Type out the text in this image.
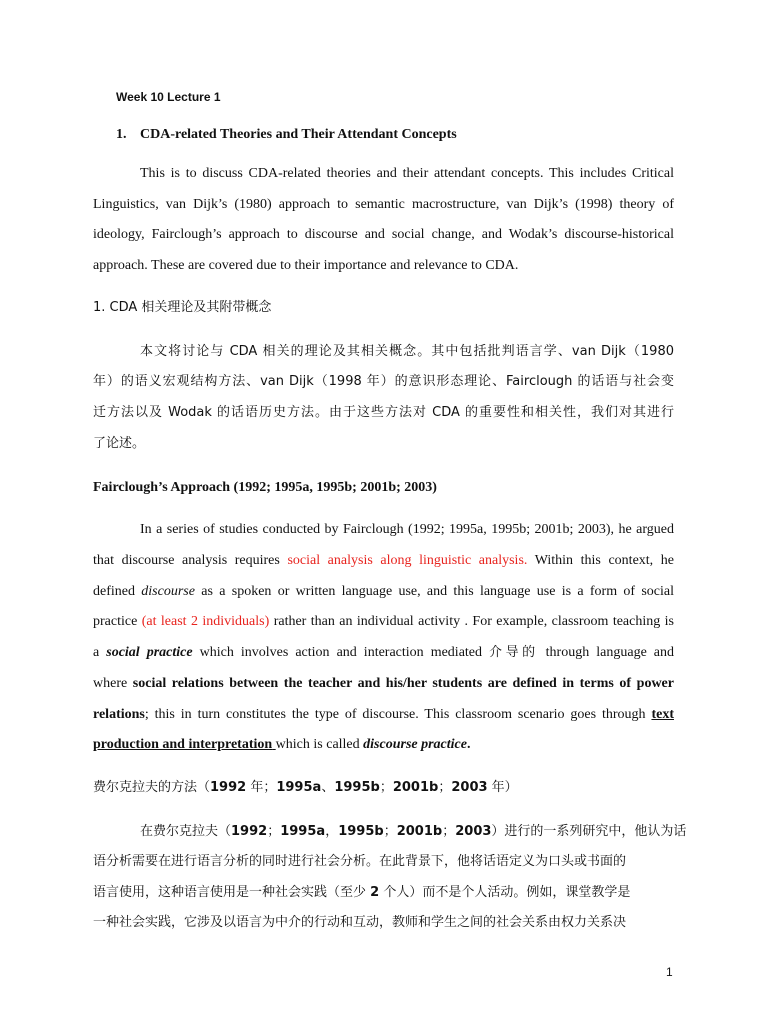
Week 10 Lecture 1
1. CDA-related Theories and Their Attendant Concepts
This is to discuss CDA-related theories and their attendant concepts. This includes Critical
Linguistics, van Dijk’s (1980) approach to semantic macrostructure, van Dijk’s (1998) theory of
ideology, Fairclough’s approach to discourse and social change, and Wodak’s discourse-historical
approach. These are covered due to their importance and relevance to CDA.
1. CDA 相关理论及其附带概念
本文将讨论与 CDA 相关的理论及其相关概念。其中包括批判语言学、van Dijk（1980
年）的语义宏观结构方法、van Dijk（1998 年）的意识形态理论、Fairclough 的话语与社会变
迁方法以及 Wodak 的话语历史方法。由于这些方法对 CDA 的重要性和相关性，我们对其进行
了论述。
Fairclough’s Approach (1992; 1995a, 1995b; 2001b; 2003)
In a series of studies conducted by Fairclough (1992; 1995a, 1995b; 2001b; 2003), he argued
that discourse analysis requires social analysis along linguistic analysis. Within this context, he
defined discourse as a spoken or written language use, and this language use is a form of social
practice (at least 2 individuals) rather than an individual activity . For example, classroom teaching is
a social practice which involves action and interaction mediated 介导的 through language and
where social relations between the teacher and his/her students are defined in terms of power
relations; this in turn constitutes the type of discourse. This classroom scenario goes through text
production and interpretation which is called discourse practice.
费尔克拉夫的方法（1992 年；1995a、1995b；2001b；2003 年）
在费尔克拉夫（1992；1995a，1995b；2001b；2003）进行的一系列研究中，他认为话
语分析需要在进行语言分析的同时进行社会分析。在此背景下，他将话语定义为口头或书面的
语言使用，这种语言使用是一种社会实践（至少 2 个人）而不是个人活动。例如，课堂教学是
一种社会实践，它涉及以语言为中介的行动和互动，教师和学生之间的社会关系由权力关系决
1
